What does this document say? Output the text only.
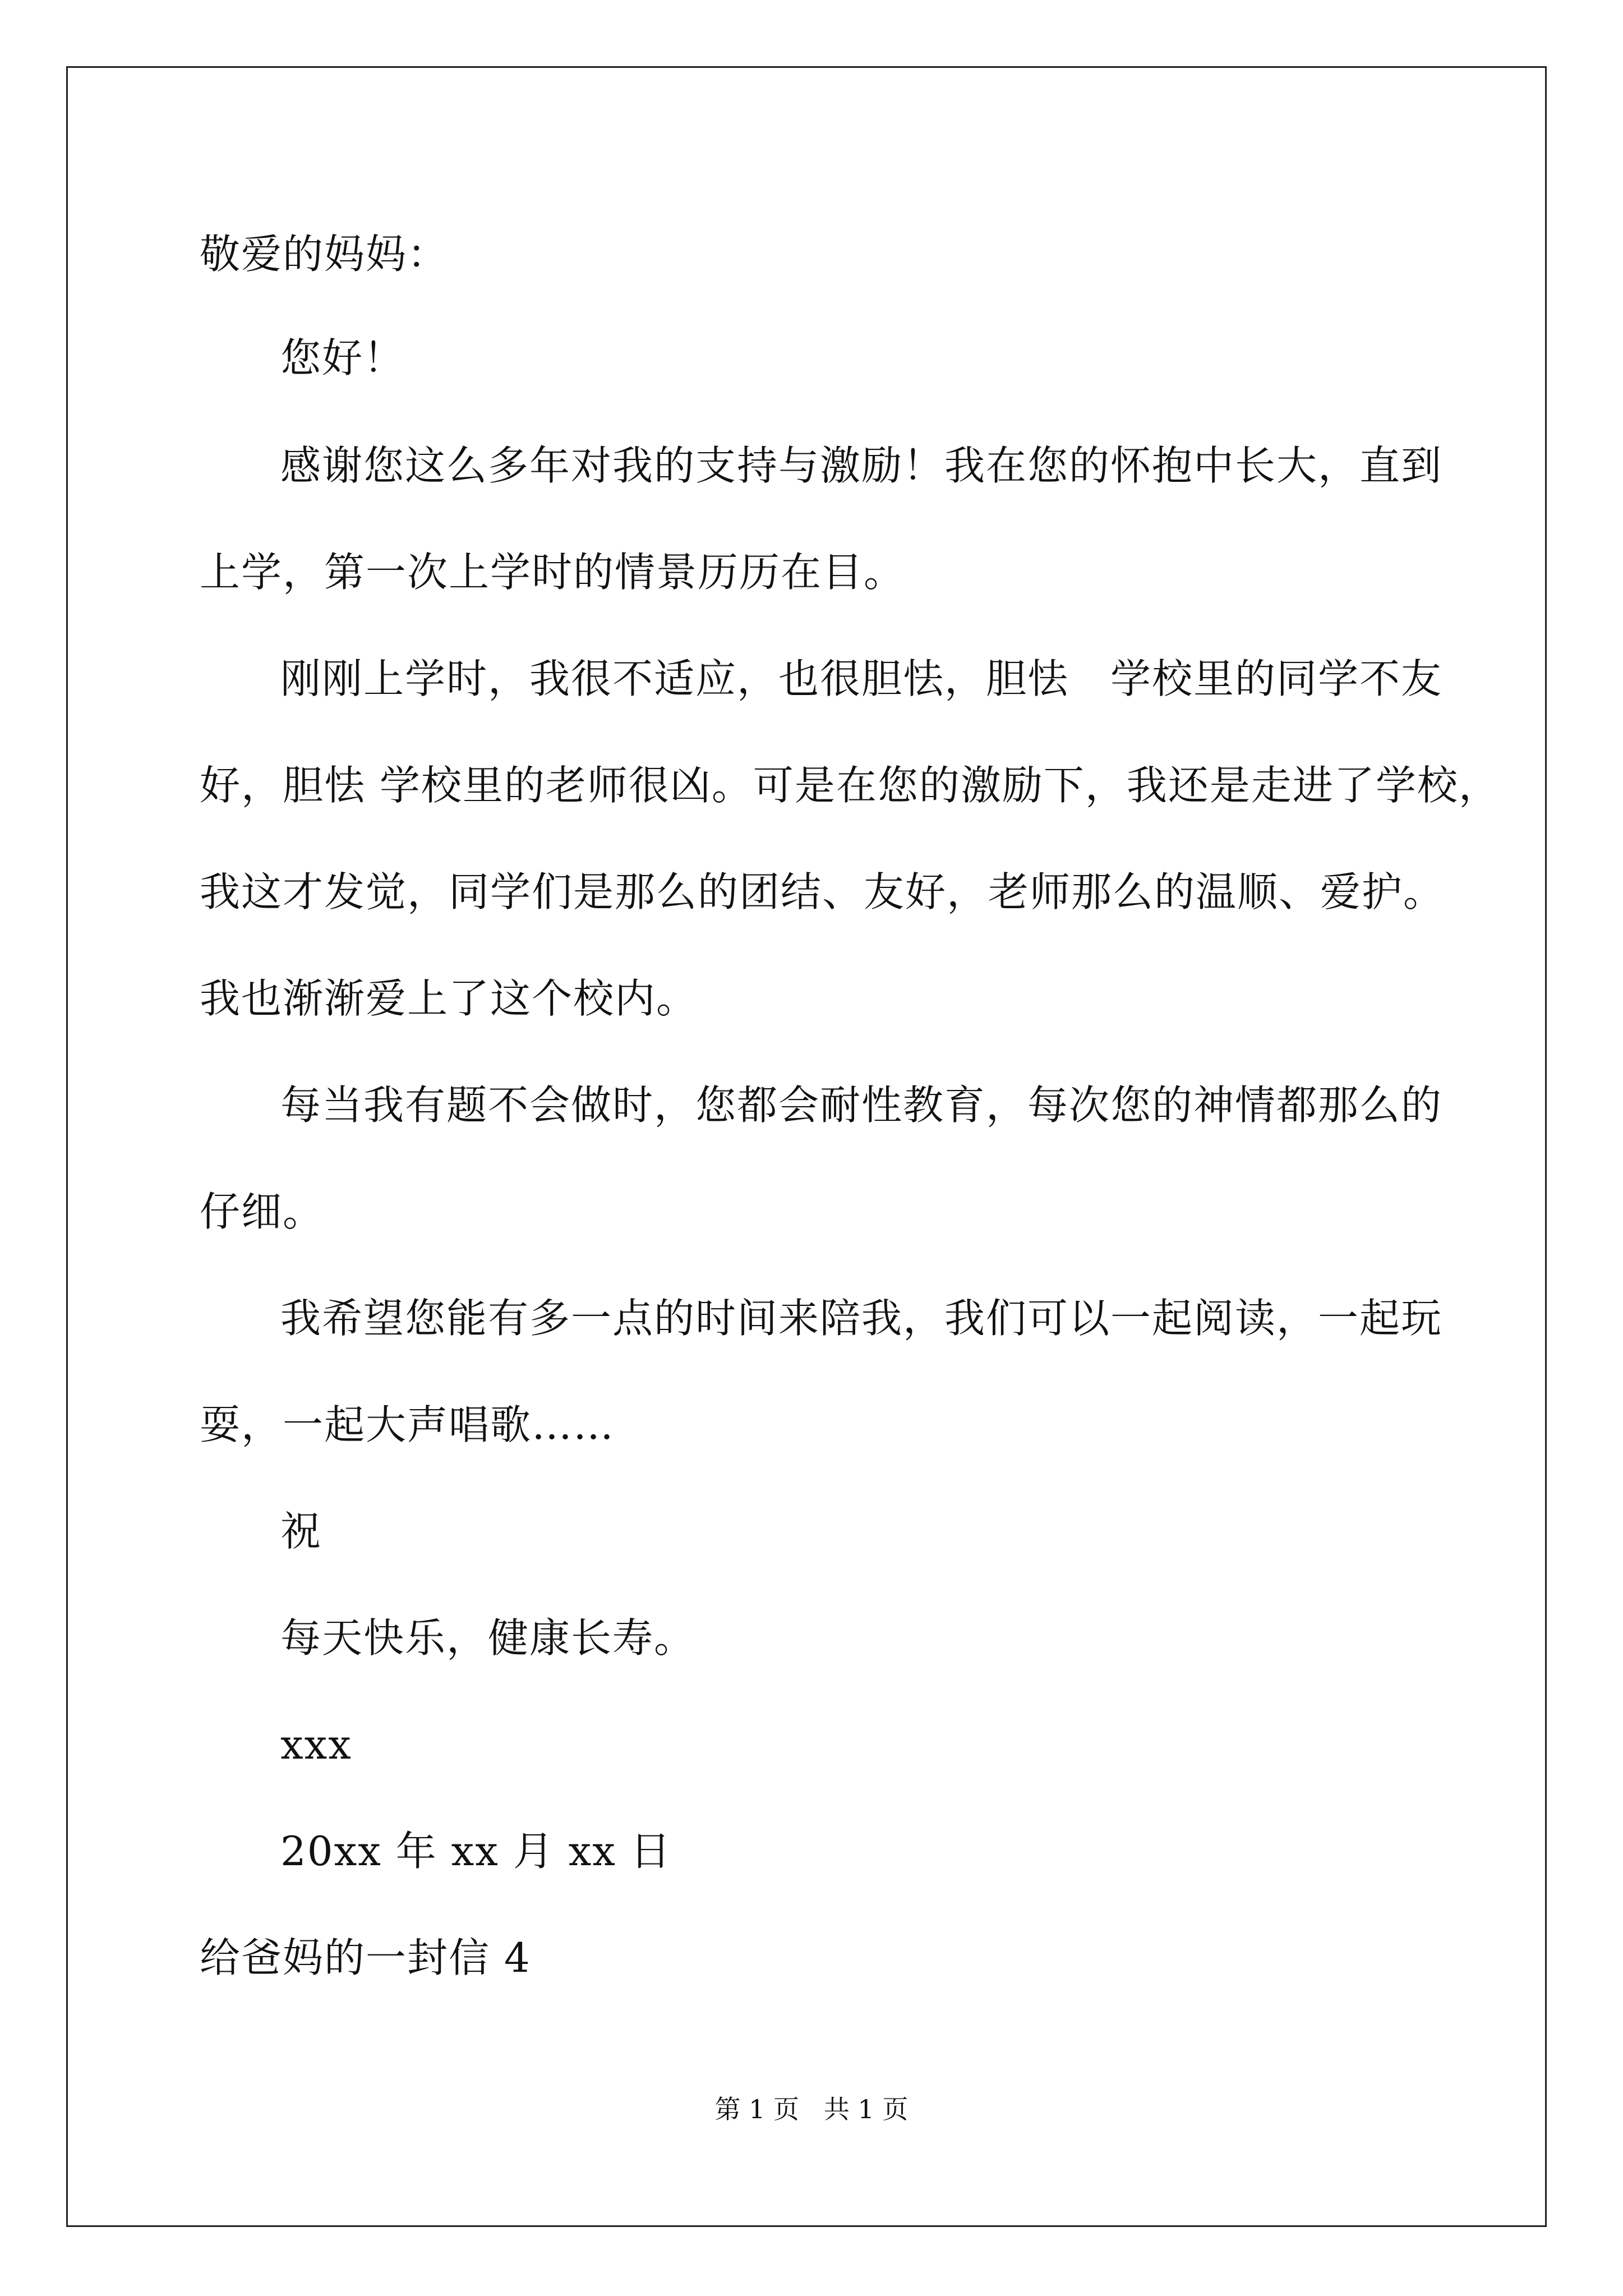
敬爱的妈妈：
您好！
感谢您这么多年对我的支持与激励！我在您的怀抱中长大，直到
上学，第一次上学时的情景历历在目。
刚刚上学时，我很不适应，也很胆怯，胆怯　学校里的同学不友
好，胆怯 学校里的老师很凶。可是在您的激励下，我还是走进了学校，
我这才发觉，同学们是那么的团结、友好，老师那么的温顺、爱护。
我也渐渐爱上了这个校内。
每当我有题不会做时，您都会耐性教育，每次您的神情都那么的
仔细。
我希望您能有多一点的时间来陪我，我们可以一起阅读，一起玩
耍，一起大声唱歌……
祝
每天快乐，健康长寿。
xxx
20xx 年 xx 月 xx 日
给爸妈的一封信 4
第 1 页   共 1 页
